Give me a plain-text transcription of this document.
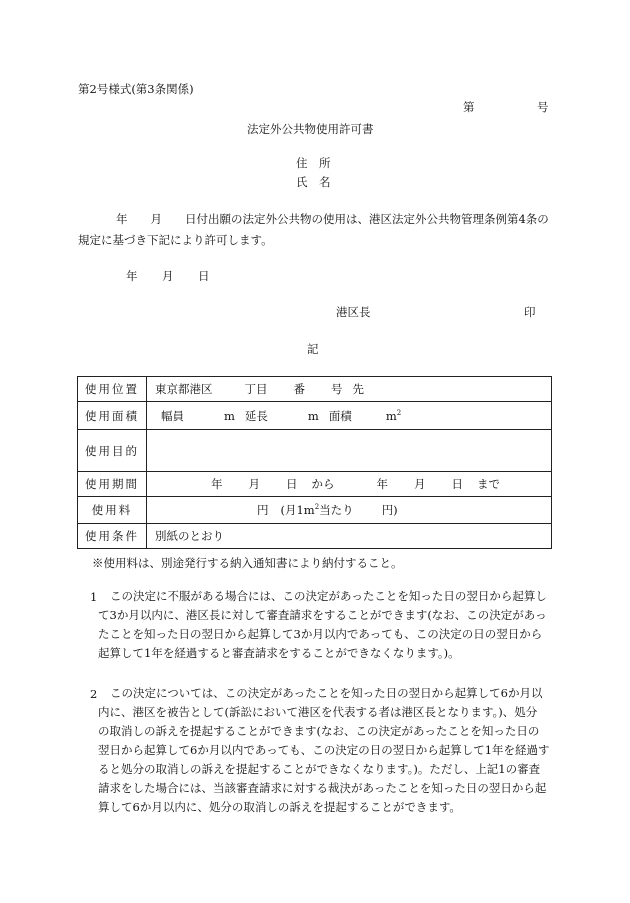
第2号様式(第3条関係)
第	号
法定外公共物使用許可書
住　所
氏　名
年　　月　　日付出願の法定外公共物の使用は、港区法定外公共物管理条例第4条の
規定に基づき下記により許可します。
年 月 日
港区長	印
記
使用位置	東京都港区 丁目 番 号 先
使用面積	幅員 m 延長 m 面積 $m^2$
使用目的	
使用期間	年 月 日 から 年 月 日 まで
使用料	円 (月$1m^2$当たり 円)
使用条件	別紙のとおり
※使用料は、別途発行する納入通知書により納付すること。
1	この決定に不服がある場合には、この決定があったことを知った日の翌日から起算し
て3か月以内に、港区長に対して審査請求をすることができます(なお、この決定があっ
たことを知った日の翌日から起算して3か月以内であっても、この決定の日の翌日から
起算して1年を経過すると審査請求をすることができなくなります。)。
2	この決定については、この決定があったことを知った日の翌日から起算して6か月以
内に、港区を被告として(訴訟において港区を代表する者は港区長となります。)、処分
の取消しの訴えを提起することができます(なお、この決定があったことを知った日の
翌日から起算して6か月以内であっても、この決定の日の翌日から起算して1年を経過す
ると処分の取消しの訴えを提起することができなくなります。)。ただし、上記1の審査
請求をした場合には、当該審査請求に対する裁決があったことを知った日の翌日から起
算して6か月以内に、処分の取消しの訴えを提起することができます。
